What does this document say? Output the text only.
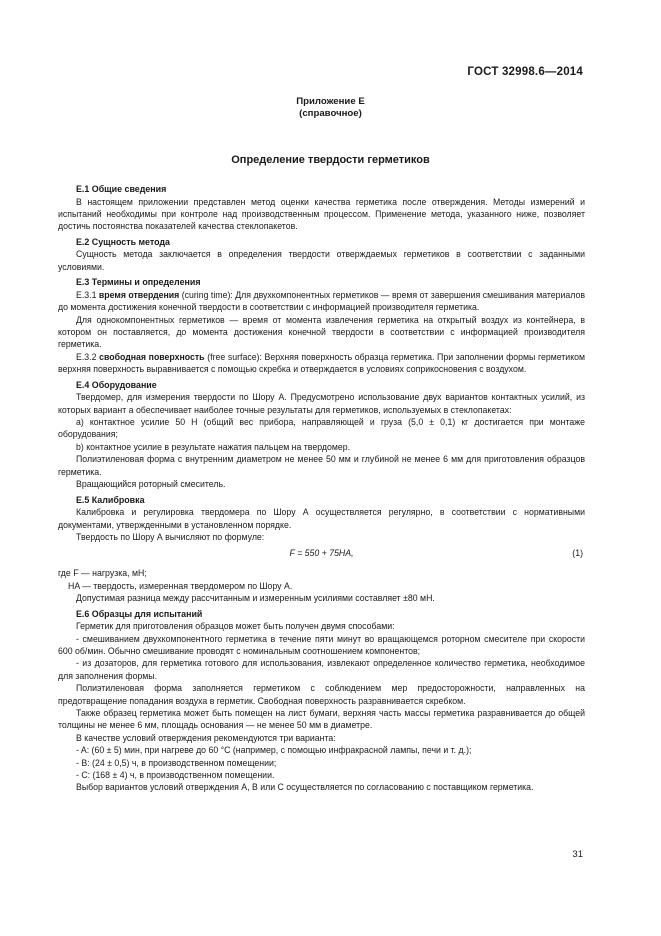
ГОСТ 32998.6—2014
Приложение Е
(справочное)
Определение твердости герметиков
Е.1 Общие сведения

В настоящем приложении представлен метод оценки качества герметика после отверждения. Методы измерений и испытаний необходимы при контроле над производственным процессом. Применение метода, указанного ниже, позволяет достичь постоянства показателей качества стеклопакетов.

Е.2 Сущность метода

Сущность метода заключается в определения твердости отверждаемых герметиков в соответствии с заданными условиями.

Е.3 Термины и определения

Е.3.1 время отвердения (curing time): Для двухкомпонентных герметиков — время от завершения смешивания материалов до момента достижения конечной твердости в соответствии с информацией производителя герметика.

Для однокомпонентных герметиков — время от момента извлечения герметика на открытый воздух из контейнера, в котором он поставляется, до момента достижения конечной твердости в соответствии с информацией производителя герметика.

Е.3.2 свободная поверхность (free surface): Верхняя поверхность образца герметика. При заполнении формы герметиком верхняя поверхность выравнивается с помощью скребка и отверждается в условиях соприкосновения с воздухом.

Е.4 Оборудование

Твердомер, для измерения твердости по Шору А. Предусмотрено использование двух вариантов контактных усилий, из которых вариант а обеспечивает наиболее точные результаты для герметиков, используемых в стеклопакетах:

а) контактное усилие 50 Н (общий вес прибора, направляющей и груза (5,0 ± 0,1) кг достигается при монтаже оборудования;

b) контактное усилие в результате нажатия пальцем на твердомер.

Полиэтиленовая форма с внутренним диаметром не менее 50 мм и глубиной не менее 6 мм для приготовления образцов герметика.

Вращающийся роторный смеситель.

Е.5 Калибровка

Калибровка и регулировка твердомера по Шору А осуществляется регулярно, в соответствии с нормативными документами, утвержденными в установленном порядке.

Твердость по Шору А вычисляют по формуле:

F = 550 + 75HA,	(1)

где F — нагрузка, мН;

HA — твердость, измеренная твердомером по Шору А.

Допустимая разница между рассчитанным и измеренным усилиями составляет ±80 мН.

Е.6 Образцы для испытаний

Герметик для приготовления образцов может быть получен двумя способами:

- смешиванием двухкомпонентного герметика в течение пяти минут во вращающемся роторном смесителе при скорости 600 об/мин. Обычно смешивание проводят с номинальным соотношением компонентов;

- из дозаторов, для герметика готового для использования, извлекают определенное количество герметика, необходимое для заполнения формы.

Полиэтиленовая форма заполняется герметиком с соблюдением мер предосторожности, направленных на предотвращение попадания воздуха в герметик. Свободная поверхность разравнивается скребком.

Также образец герметика может быть помещен на лист бумаги, верхняя часть массы герметика разравнивается до общей толщины не менее 6 мм, площадь основания — не менее 50 мм в диаметре.

В качестве условий отверждения рекомендуются три варианта:

- A: (60 ± 5) мин, при нагреве до 60 °С (например, с помощью инфракрасной лампы, печи и т. д.);

- B: (24 ± 0,5) ч, в производственном помещении;

- C: (168 ± 4) ч, в производственном помещении.

Выбор вариантов условий отверждения А, В или С осуществляется по согласованию с поставщиком герметика.

31
